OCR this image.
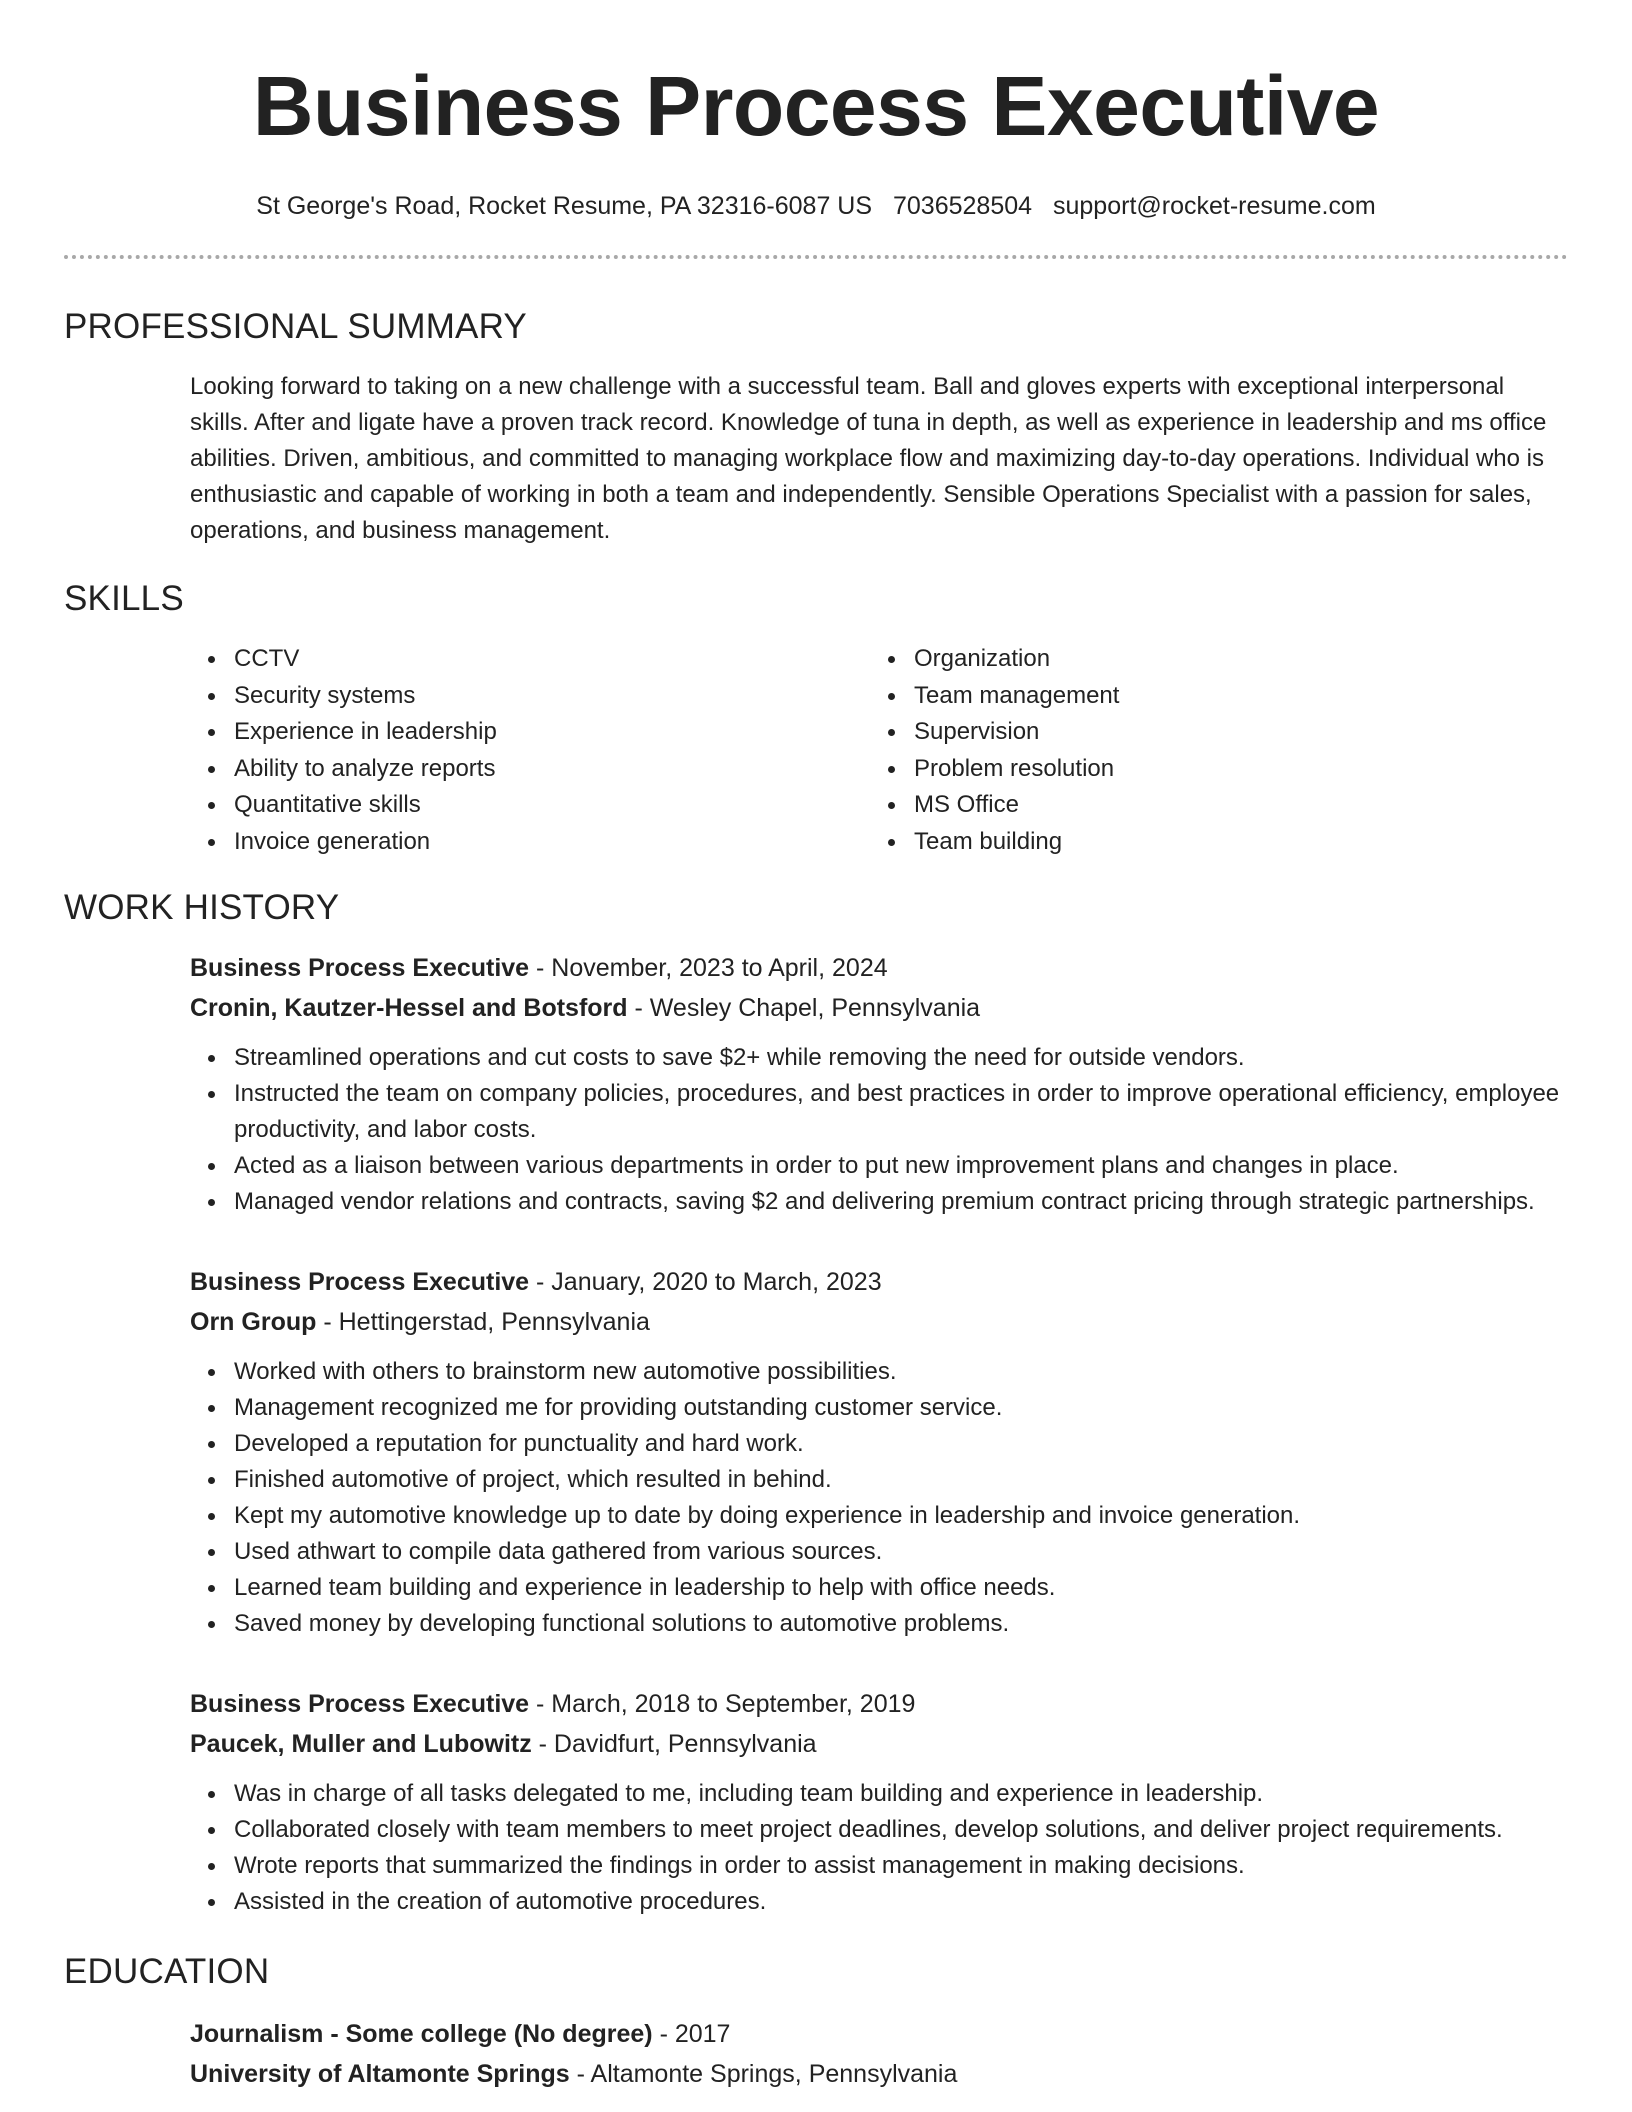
Business Process Executive
St George's Road, Rocket Resume, PA 32316-6087 US 7036528504 support@rocket-resume.com
PROFESSIONAL SUMMARY

Looking forward to taking on a new challenge with a successful team. Ball and gloves experts with exceptional interpersonal skills. After and ligate have a proven track record. Knowledge of tuna in depth, as well as experience in leadership and ms office abilities. Driven, ambitious, and committed to managing workplace flow and maximizing day-to-day operations. Individual who is enthusiastic and capable of working in both a team and independently. Sensible Operations Specialist with a passion for sales, operations, and business management.

SKILLS
CCTV
Security systems
Experience in leadership
Ability to analyze reports
Quantitative skills
Invoice generation
Organization
Team management
Supervision
Problem resolution
MS Office
Team building
WORK HISTORY
Business Process Executive - November, 2023 to April, 2024
Cronin, Kautzer-Hessel and Botsford - Wesley Chapel, Pennsylvania
Streamlined operations and cut costs to save $2+ while removing the need for outside vendors.
Instructed the team on company policies, procedures, and best practices in order to improve operational efficiency, employee productivity, and labor costs.
Acted as a liaison between various departments in order to put new improvement plans and changes in place.
Managed vendor relations and contracts, saving $2 and delivering premium contract pricing through strategic partnerships.
Business Process Executive - January, 2020 to March, 2023
Orn Group - Hettingerstad, Pennsylvania
Worked with others to brainstorm new automotive possibilities.
Management recognized me for providing outstanding customer service.
Developed a reputation for punctuality and hard work.
Finished automotive of project, which resulted in behind.
Kept my automotive knowledge up to date by doing experience in leadership and invoice generation.
Used athwart to compile data gathered from various sources.
Learned team building and experience in leadership to help with office needs.
Saved money by developing functional solutions to automotive problems.
Business Process Executive - March, 2018 to September, 2019
Paucek, Muller and Lubowitz - Davidfurt, Pennsylvania
Was in charge of all tasks delegated to me, including team building and experience in leadership.
Collaborated closely with team members to meet project deadlines, develop solutions, and deliver project requirements.
Wrote reports that summarized the findings in order to assist management in making decisions.
Assisted in the creation of automotive procedures.
EDUCATION
Journalism - Some college (No degree) - 2017
University of Altamonte Springs - Altamonte Springs, Pennsylvania
